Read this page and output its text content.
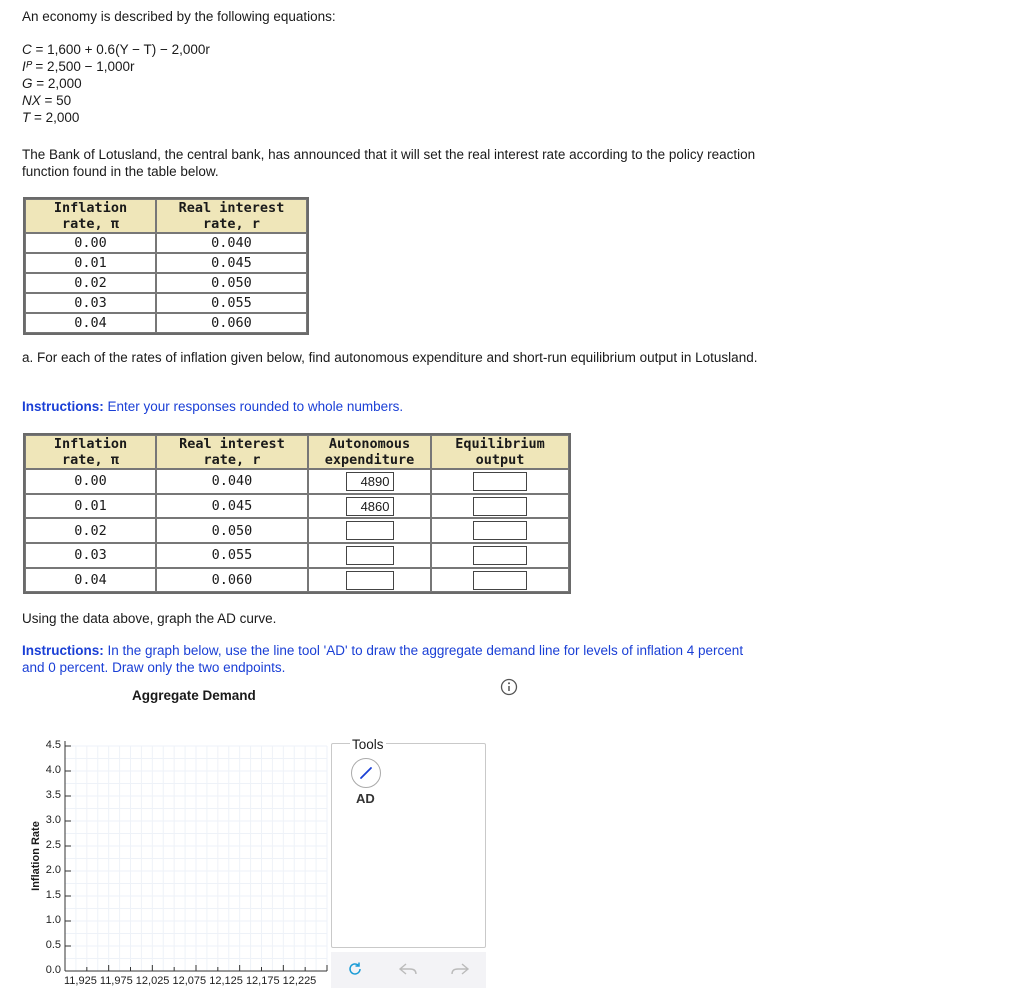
An economy is described by the following equations:
C = 1,600 + 0.6(Y − T) − 2,000r
Iᴾ = 2,500 − 1,000r
G = 2,000
NX = 50
T = 2,000
The Bank of Lotusland, the central bank, has announced that it will set the real interest rate according to the policy reaction function found in the table below.
Inflation
rate, π	Real interest
rate, r
0.00	0.040
0.01	0.045
0.02	0.050
0.03	0.055
0.04	0.060
a. For each of the rates of inflation given below, find autonomous expenditure and short-run equilibrium output in Lotusland.
Instructions: Enter your responses rounded to whole numbers.
Inflation
rate, π	Real interest
rate, r	Autonomous
expenditure	Equilibrium
output
0.00	0.040	4890	
0.01	0.045	4860	
0.02	0.050		
0.03	0.055		
0.04	0.060		
Using the data above, graph the AD curve.
Instructions: In the graph below, use the line tool 'AD' to draw the aggregate demand line for levels of inflation 4 percent and 0 percent. Draw only the two endpoints.
Aggregate Demand
Inflation Rate
0.0
0.5
1.0
1.5
2.0
2.5
3.0
3.5
4.0
4.5
11,925 11,975 12,025 12,075 12,125 12,175 12,225
Tools
AD
